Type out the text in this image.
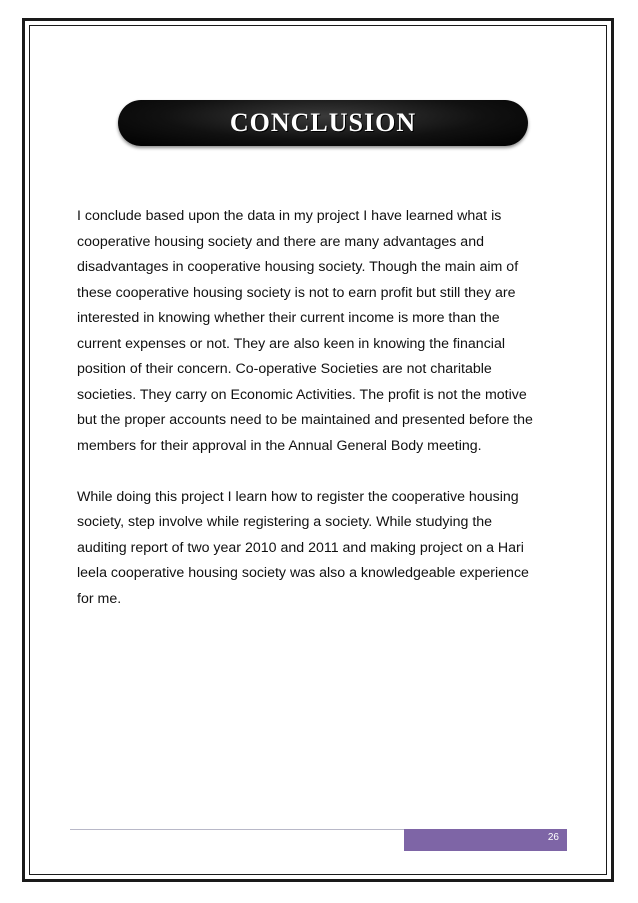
CONCLUSION
I conclude based upon the data in my project I have learned what is
cooperative housing society and there are many advantages and
disadvantages in cooperative housing society. Though the main aim of
these cooperative housing society is not to earn profit but still they are
interested in knowing whether their current income is more than the
current expenses or not. They are also keen in knowing the financial
position of their concern. Co-operative Societies are not charitable
societies. They carry on Economic Activities. The profit is not the motive
but the proper accounts need to be maintained and presented before the
members for their approval in the Annual General Body meeting.
While doing this project I learn how to register the cooperative housing
society, step involve while registering a society. While studying the
auditing report of two year 2010 and 2011 and making project on a Hari
leela cooperative housing society was also a knowledgeable experience
for me.
26
